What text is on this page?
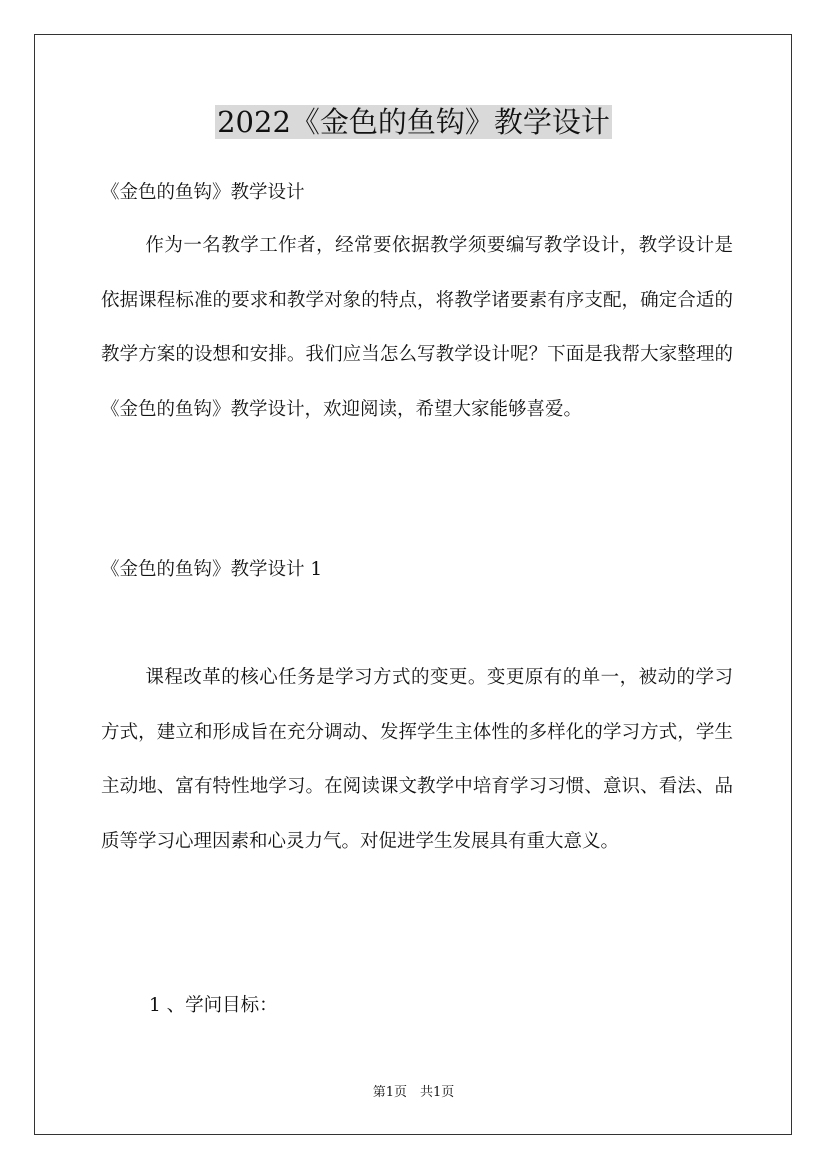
2022《金色的鱼钩》教学设计
《金色的鱼钩》教学设计

作为一名教学工作者，经常要依据教学须要编写教学设计，教学设计是依据课程标准的要求和教学对象的特点，将教学诸要素有序支配，确定合适的教学方案的设想和安排。我们应当怎么写教学设计呢？下面是我帮大家整理的《金色的鱼钩》教学设计，欢迎阅读，希望大家能够喜爱。

《金色的鱼钩》教学设计 1

课程改革的核心任务是学习方式的变更。变更原有的单一，被动的学习方式，建立和形成旨在充分调动、发挥学生主体性的多样化的学习方式，学生主动地、富有特性地学习。在阅读课文教学中培育学习习惯、意识、看法、品质等学习心理因素和心灵力气。对促进学生发展具有重大意义。

1 、学问目标：
第1页　共1页
